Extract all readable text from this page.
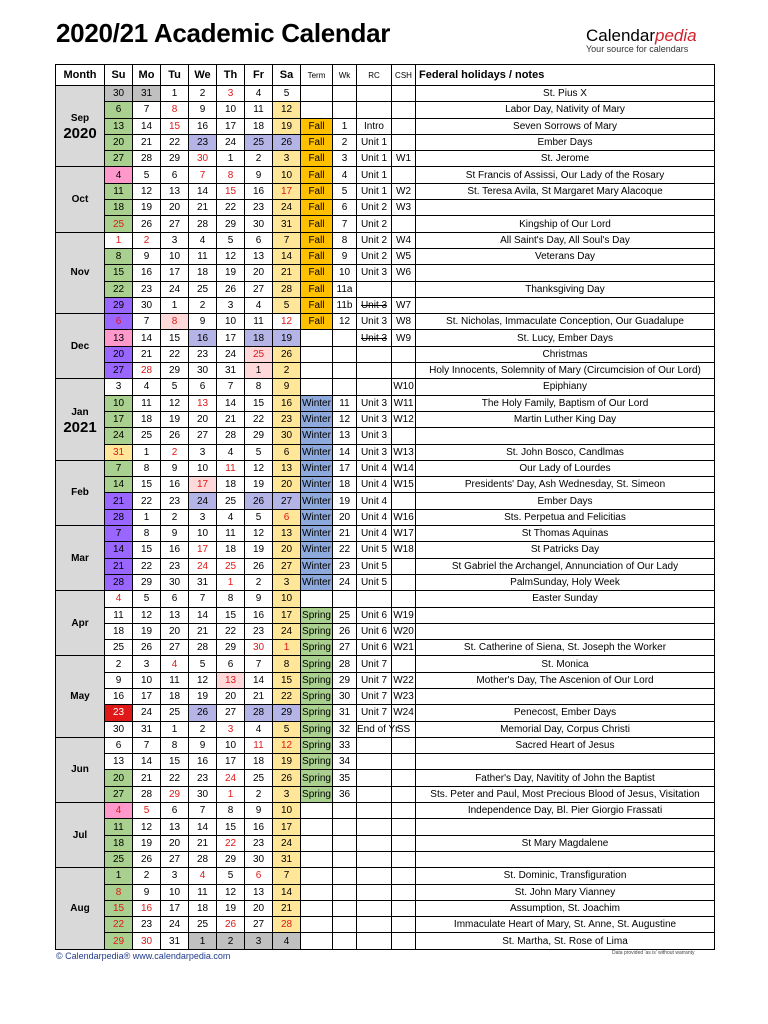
2020/21 Academic Calendar	Calendarpedia
Your source for calendars
Month	Su	Mo	Tu	We	Th	Fr	Sa	Term	Wk	RC	CSH	Federal holidays / notes
Sep
2020	30	31	1	2	3	4	5					St. Pius X
	6	7	8	9	10	11	12					Labor Day, Nativity of Mary
	13	14	15	16	17	18	19	Fall	1	Intro		Seven Sorrows of Mary
	20	21	22	23	24	25	26	Fall	2	Unit 1		Ember Days
	27	28	29	30	1	2	3	Fall	3	Unit 1	W1	St. Jerome
Oct	4	5	6	7	8	9	10	Fall	4	Unit 1		St Francis of Assissi, Our Lady of the Rosary
	11	12	13	14	15	16	17	Fall	5	Unit 1	W2	St. Teresa Avila, St Margaret Mary Alacoque
	18	19	20	21	22	23	24	Fall	6	Unit 2	W3	
	25	26	27	28	29	30	31	Fall	7	Unit 2		Kingship of Our Lord
Nov	1	2	3	4	5	6	7	Fall	8	Unit 2	W4	All Saint's Day, All Soul's Day
	8	9	10	11	12	13	14	Fall	9	Unit 2	W5	Veterans Day
	15	16	17	18	19	20	21	Fall	10	Unit 3	W6	
	22	23	24	25	26	27	28	Fall	11a			Thanksgiving Day
	29	30	1	2	3	4	5	Fall	11b	Unit 3	W7	
Dec	6	7	8	9	10	11	12	Fall	12	Unit 3	W8	St. Nicholas, Immaculate Conception, Our Guadalupe
	13	14	15	16	17	18	19			Unit 3	W9	St. Lucy, Ember Days
	20	21	22	23	24	25	26					Christmas
	27	28	29	30	31	1	2					Holy Innocents, Solemnity of Mary (Circumcision of Our Lord)
Jan
2021	3	4	5	6	7	8	9				W10	Epiphiany
	10	11	12	13	14	15	16	Winter	11	Unit 3	W11	The Holy Family, Baptism of Our Lord
	17	18	19	20	21	22	23	Winter	12	Unit 3	W12	Martin Luther King Day
	24	25	26	27	28	29	30	Winter	13	Unit 3		
	31	1	2	3	4	5	6	Winter	14	Unit 3	W13	St. John Bosco, Candlmas
Feb	7	8	9	10	11	12	13	Winter	17	Unit 4	W14	Our Lady of Lourdes
	14	15	16	17	18	19	20	Winter	18	Unit 4	W15	Presidents' Day, Ash Wednesday, St. Simeon
	21	22	23	24	25	26	27	Winter	19	Unit 4		Ember Days
	28	1	2	3	4	5	6	Winter	20	Unit 4	W16	Sts. Perpetua and Felicitias
Mar	7	8	9	10	11	12	13	Winter	21	Unit 4	W17	St Thomas Aquinas
	14	15	16	17	18	19	20	Winter	22	Unit 5	W18	St Patricks Day
	21	22	23	24	25	26	27	Winter	23	Unit 5		St Gabriel the Archangel, Annunciation of Our Lady
	28	29	30	31	1	2	3	Winter	24	Unit 5		PalmSunday, Holy Week
Apr	4	5	6	7	8	9	10					Easter Sunday
	11	12	13	14	15	16	17	Spring	25	Unit 6	W19	
	18	19	20	21	22	23	24	Spring	26	Unit 6	W20	
	25	26	27	28	29	30	1	Spring	27	Unit 6	W21	St. Catherine of Siena, St. Joseph the Worker
May	2	3	4	5	6	7	8	Spring	28	Unit 7		St. Monica
	9	10	11	12	13	14	15	Spring	29	Unit 7	W22	Mother's Day, The Ascenion of Our Lord
	16	17	18	19	20	21	22	Spring	30	Unit 7	W23	
	23	24	25	26	27	28	29	Spring	31	Unit 7	W24	Penecost, Ember Days
	30	31	1	2	3	4	5	Spring	32	End of Yr	SS	Memorial Day, Corpus Christi
Jun	6	7	8	9	10	11	12	Spring	33			Sacred Heart of Jesus
	13	14	15	16	17	18	19	Spring	34			
	20	21	22	23	24	25	26	Spring	35			Father's Day, Navitity of John the Baptist
	27	28	29	30	1	2	3	Spring	36			Sts. Peter and Paul, Most Precious Blood of Jesus, Visitation
Jul	4	5	6	7	8	9	10					Independence Day, Bl. Pier Giorgio Frassati
	11	12	13	14	15	16	17					
	18	19	20	21	22	23	24					St Mary Magdalene
	25	26	27	28	29	30	31					
Aug	1	2	3	4	5	6	7					St. Dominic, Transfiguration
	8	9	10	11	12	13	14					St. John Mary Vianney
	15	16	17	18	19	20	21					Assumption, St. Joachim
	22	23	24	25	26	27	28					Immaculate Heart of Mary, St. Anne, St. Augustine
	29	30	31	1	2	3	4					St. Martha, St. Rose of Lima
© Calendarpedia® www.calendarpedia.com	Data provided 'as is' without warranty
